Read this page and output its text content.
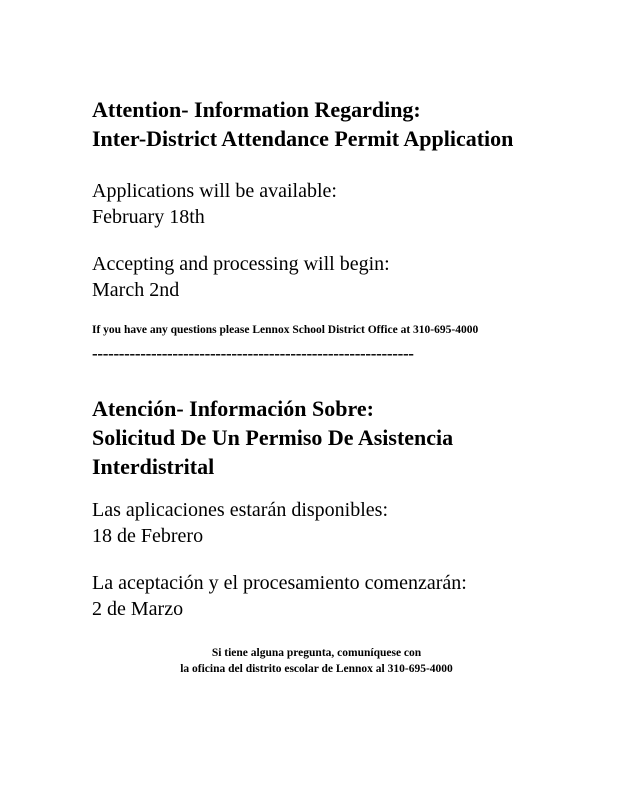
Attention- Information Regarding:
Inter-District Attendance Permit Application
Applications will be available:
February 18th
Accepting and processing will begin:
March 2nd
If you have any questions please Lennox School District Office at 310-695-4000
------------------------------------------------------------
Atención- Información Sobre:
Solicitud De Un Permiso De Asistencia
Interdistrital
Las aplicaciones estarán disponibles:
18 de Febrero
La aceptación y el procesamiento comenzarán:
2 de Marzo
Si tiene alguna pregunta, comuníquese con
la oficina del distrito escolar de Lennox al 310-695-4000
